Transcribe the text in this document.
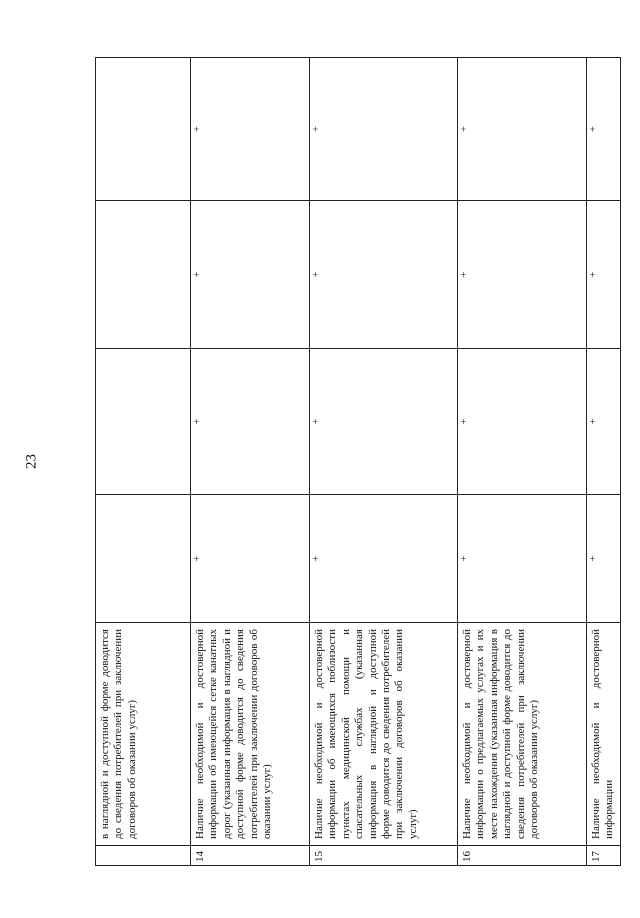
23
	в наглядной и доступной форме доводится до сведения потребителей при заключении договоров об оказании услуг)				
14	Наличие необходимой и достоверной информации об имеющейся сетке канатных дорог (указанная информация в наглядной и доступной форме доводится до сведения потребителей при заключении договоров об оказании услуг)	+	+	+	+
15	Наличие необходимой и достоверной информации об имеющихся поблизости пунктах медицинской помощи и спасательных службах (указанная информация в наглядной и доступной форме доводится до сведения потребителей при заключении договоров об оказании услуг)	+	+	+	+
16	Наличие необходимой и достоверной информации о предлагаемых услугах и их месте нахождения (указанная информация в наглядной и доступной форме доводится до сведения потребителей при заключении договоров об оказании услуг)	+	+	+	+
17	Наличие необходимой и достоверной информации	+	+	+	+
